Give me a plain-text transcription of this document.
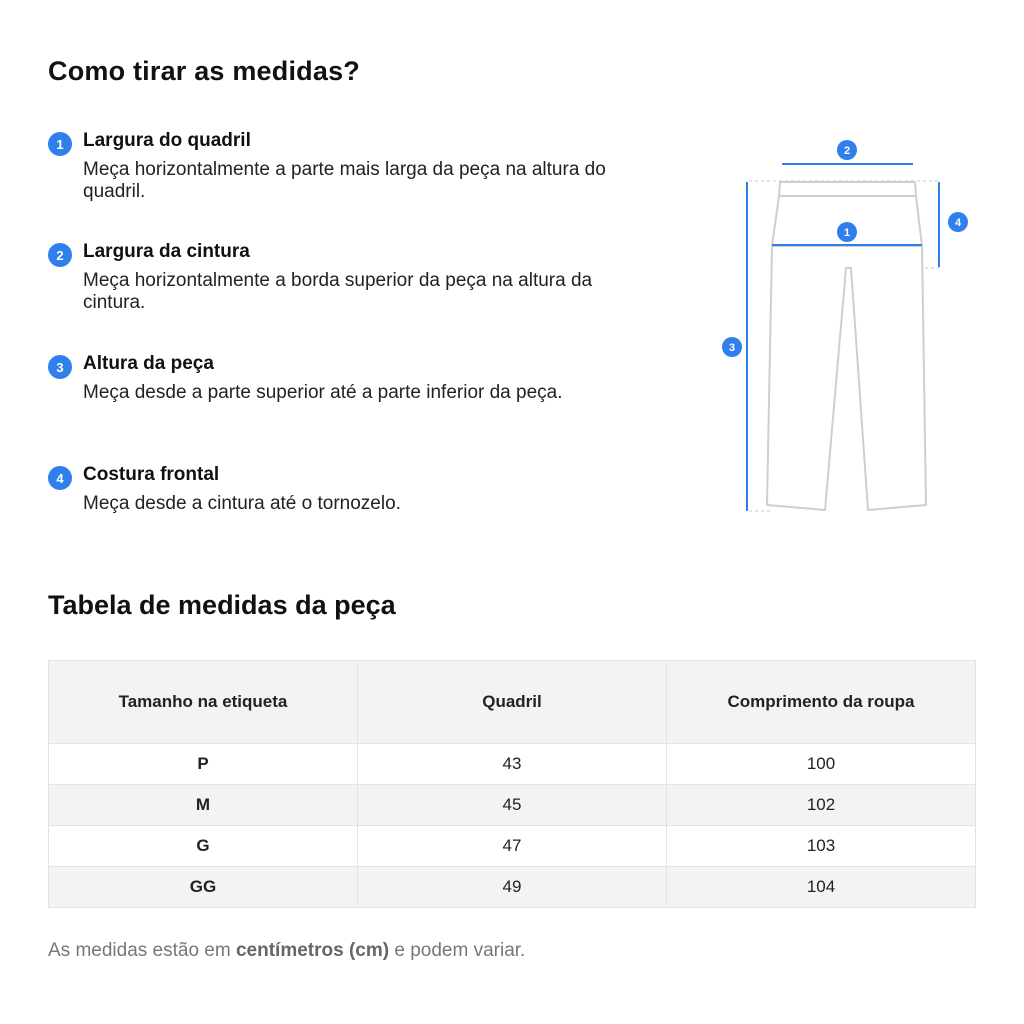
Como tirar as medidas?
1	Largura do quadril
Meça horizontalmente a parte mais larga da peça na altura do quadril.
2	Largura da cintura
Meça horizontalmente a borda superior da peça na altura da cintura.
3	Altura da peça
Meça desde a parte superior até a parte inferior da peça.
4	Costura frontal
Meça desde a cintura até o tornozelo.
1
2
3
4
Tabela de medidas da peça
Tamanho na etiqueta	Quadril	Comprimento da roupa
P	43	100
M	45	102
G	47	103
GG	49	104
As medidas estão em centímetros (cm) e podem variar.
